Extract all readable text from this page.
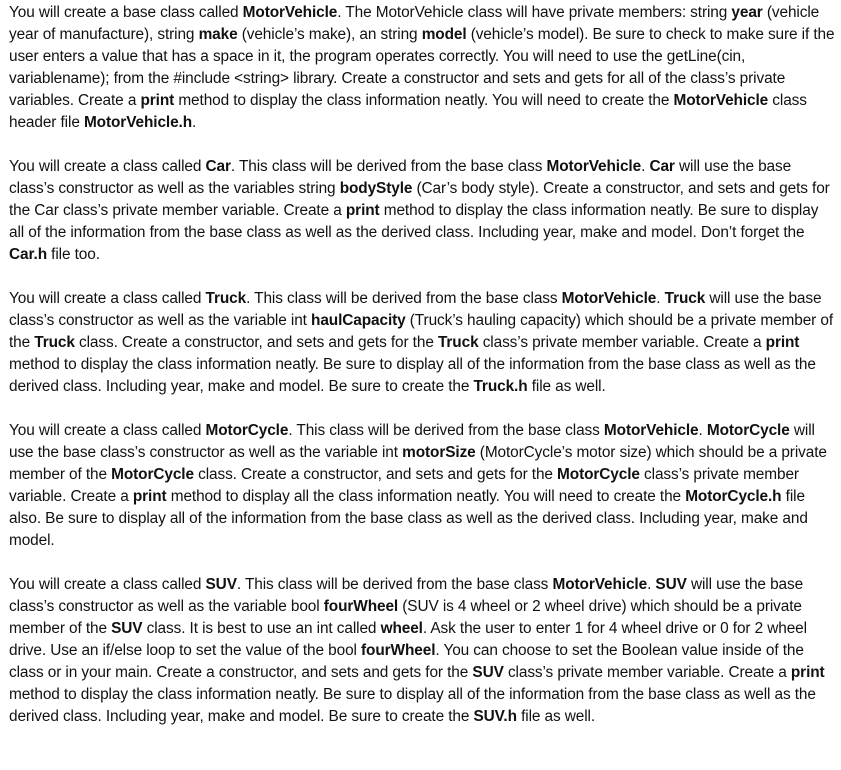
You will create a base class called MotorVehicle. The MotorVehicle class will have private members: string year (vehicle year of manufacture), string make (vehicle’s make), an string model (vehicle’s model). Be sure to check to make sure if the user enters a value that has a space in it, the program operates correctly. You will need to use the getLine(cin, variablename); from the #include <string> library. Create a constructor and sets and gets for all of the class’s private variables. Create a print method to display the class information neatly. You will need to create the MotorVehicle class header file MotorVehicle.h.

You will create a class called Car. This class will be derived from the base class MotorVehicle. Car will use the base class’s constructor as well as the variables string bodyStyle (Car’s body style). Create a constructor, and sets and gets for the Car class’s private member variable. Create a print method to display the class information neatly. Be sure to display all of the information from the base class as well as the derived class. Including year, make and model. Don’t forget the Car.h file too.

You will create a class called Truck. This class will be derived from the base class MotorVehicle. Truck will use the base class’s constructor as well as the variable int haulCapacity (Truck’s hauling capacity) which should be a private member of the Truck class. Create a constructor, and sets and gets for the Truck class’s private member variable. Create a print method to display the class information neatly. Be sure to display all of the information from the base class as well as the derived class. Including year, make and model. Be sure to create the Truck.h file as well.

You will create a class called MotorCycle. This class will be derived from the base class MotorVehicle. MotorCycle will use the base class’s constructor as well as the variable int motorSize (MotorCycle’s motor size) which should be a private member of the MotorCycle class. Create a constructor, and sets and gets for the MotorCycle class’s private member variable. Create a print method to display all the class information neatly. You will need to create the MotorCycle.h file also. Be sure to display all of the information from the base class as well as the derived class. Including year, make and model.

You will create a class called SUV. This class will be derived from the base class MotorVehicle. SUV will use the base class’s constructor as well as the variable bool fourWheel (SUV is 4 wheel or 2 wheel drive) which should be a private member of the SUV class. It is best to use an int called wheel. Ask the user to enter 1 for 4 wheel drive or 0 for 2 wheel drive. Use an if/else loop to set the value of the bool fourWheel. You can choose to set the Boolean value inside of the class or in your main. Create a constructor, and sets and gets for the SUV class’s private member variable. Create a print method to display the class information neatly. Be sure to display all of the information from the base class as well as the derived class. Including year, make and model. Be sure to create the SUV.h file as well.
